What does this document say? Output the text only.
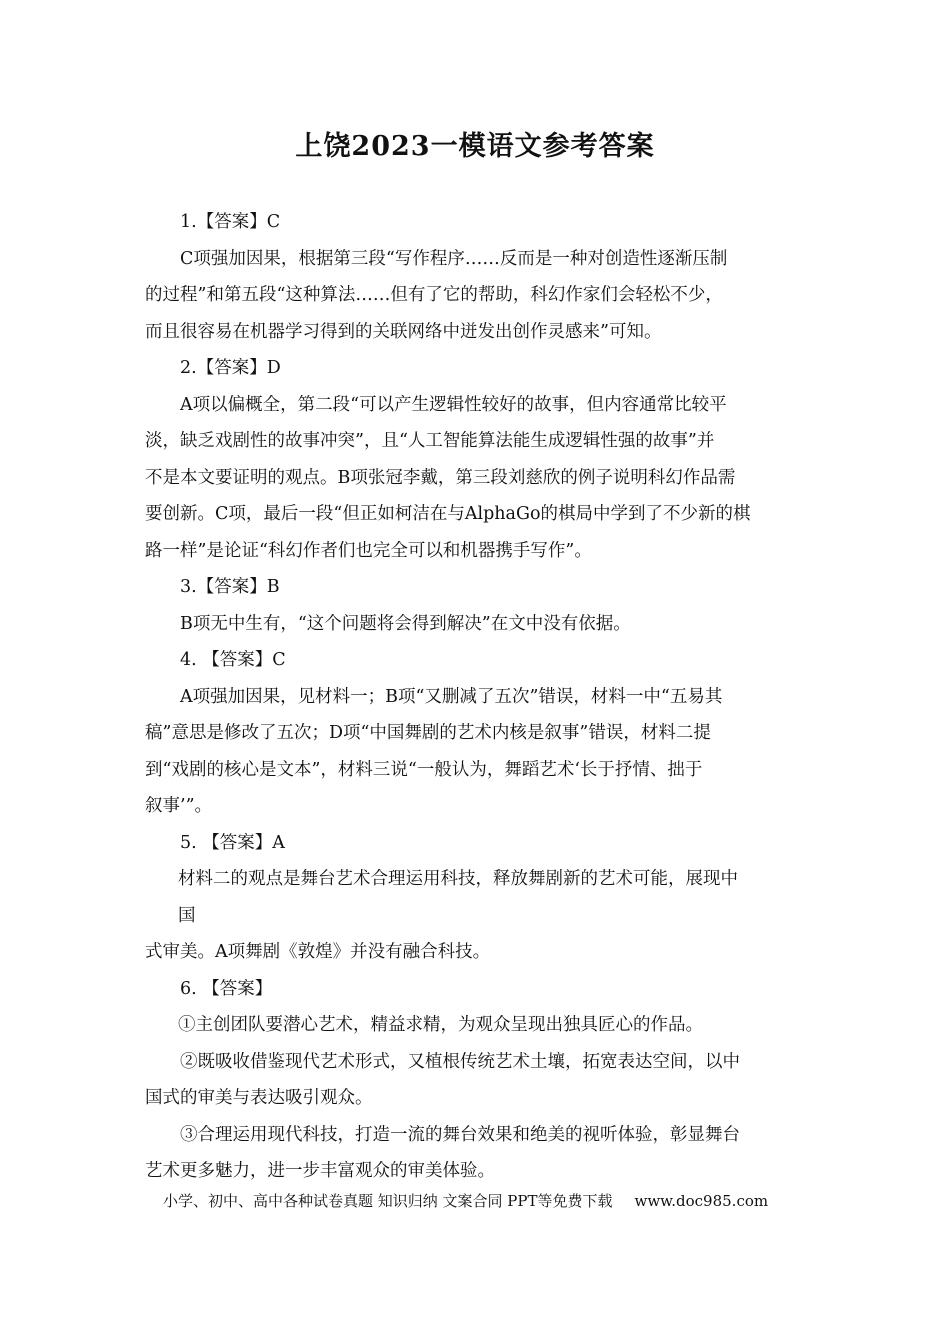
上饶2023一模语文参考答案
1.【答案】C
C项强加因果，根据第三段“写作程序……反而是一种对创造性逐渐压制
的过程”和第五段“这种算法……但有了它的帮助，科幻作家们会轻松不少，
而且很容易在机器学习得到的关联网络中迸发出创作灵感来”可知。
2.【答案】D
A项以偏概全，第二段“可以产生逻辑性较好的故事，但内容通常比较平
淡，缺乏戏剧性的故事冲突”，且“人工智能算法能生成逻辑性强的故事”并
不是本文要证明的观点。B项张冠李戴，第三段刘慈欣的例子说明科幻作品需
要创新。C项，最后一段“但正如柯洁在与AlphaGo的棋局中学到了不少新的棋
路一样”是论证“科幻作者们也完全可以和机器携手写作”。
3.【答案】B
B项无中生有，“这个问题将会得到解决”在文中没有依据。
4. 【答案】C
A项强加因果，见材料一；B项“又删减了五次”错误，材料一中“五易其
稿”意思是修改了五次；D项“中国舞剧的艺术内核是叙事”错误，材料二提
到“戏剧的核心是文本”，材料三说“一般认为，舞蹈艺术‘长于抒情、拙于
叙事’”。
5. 【答案】A
材料二的观点是舞台艺术合理运用科技，释放舞剧新的艺术可能，展现中
国
式审美。A项舞剧《敦煌》并没有融合科技。
6. 【答案】
①主创团队要潜心艺术，精益求精，为观众呈现出独具匠心的作品。
②既吸收借鉴现代艺术形式，又植根传统艺术土壤，拓宽表达空间，以中
国式的审美与表达吸引观众。
③合理运用现代科技，打造一流的舞台效果和绝美的视听体验，彰显舞台
艺术更多魅力，进一步丰富观众的审美体验。
小学、初中、高中各种试卷真题 知识归纳 文案合同 PPT等免费下载 www.doc985.com
